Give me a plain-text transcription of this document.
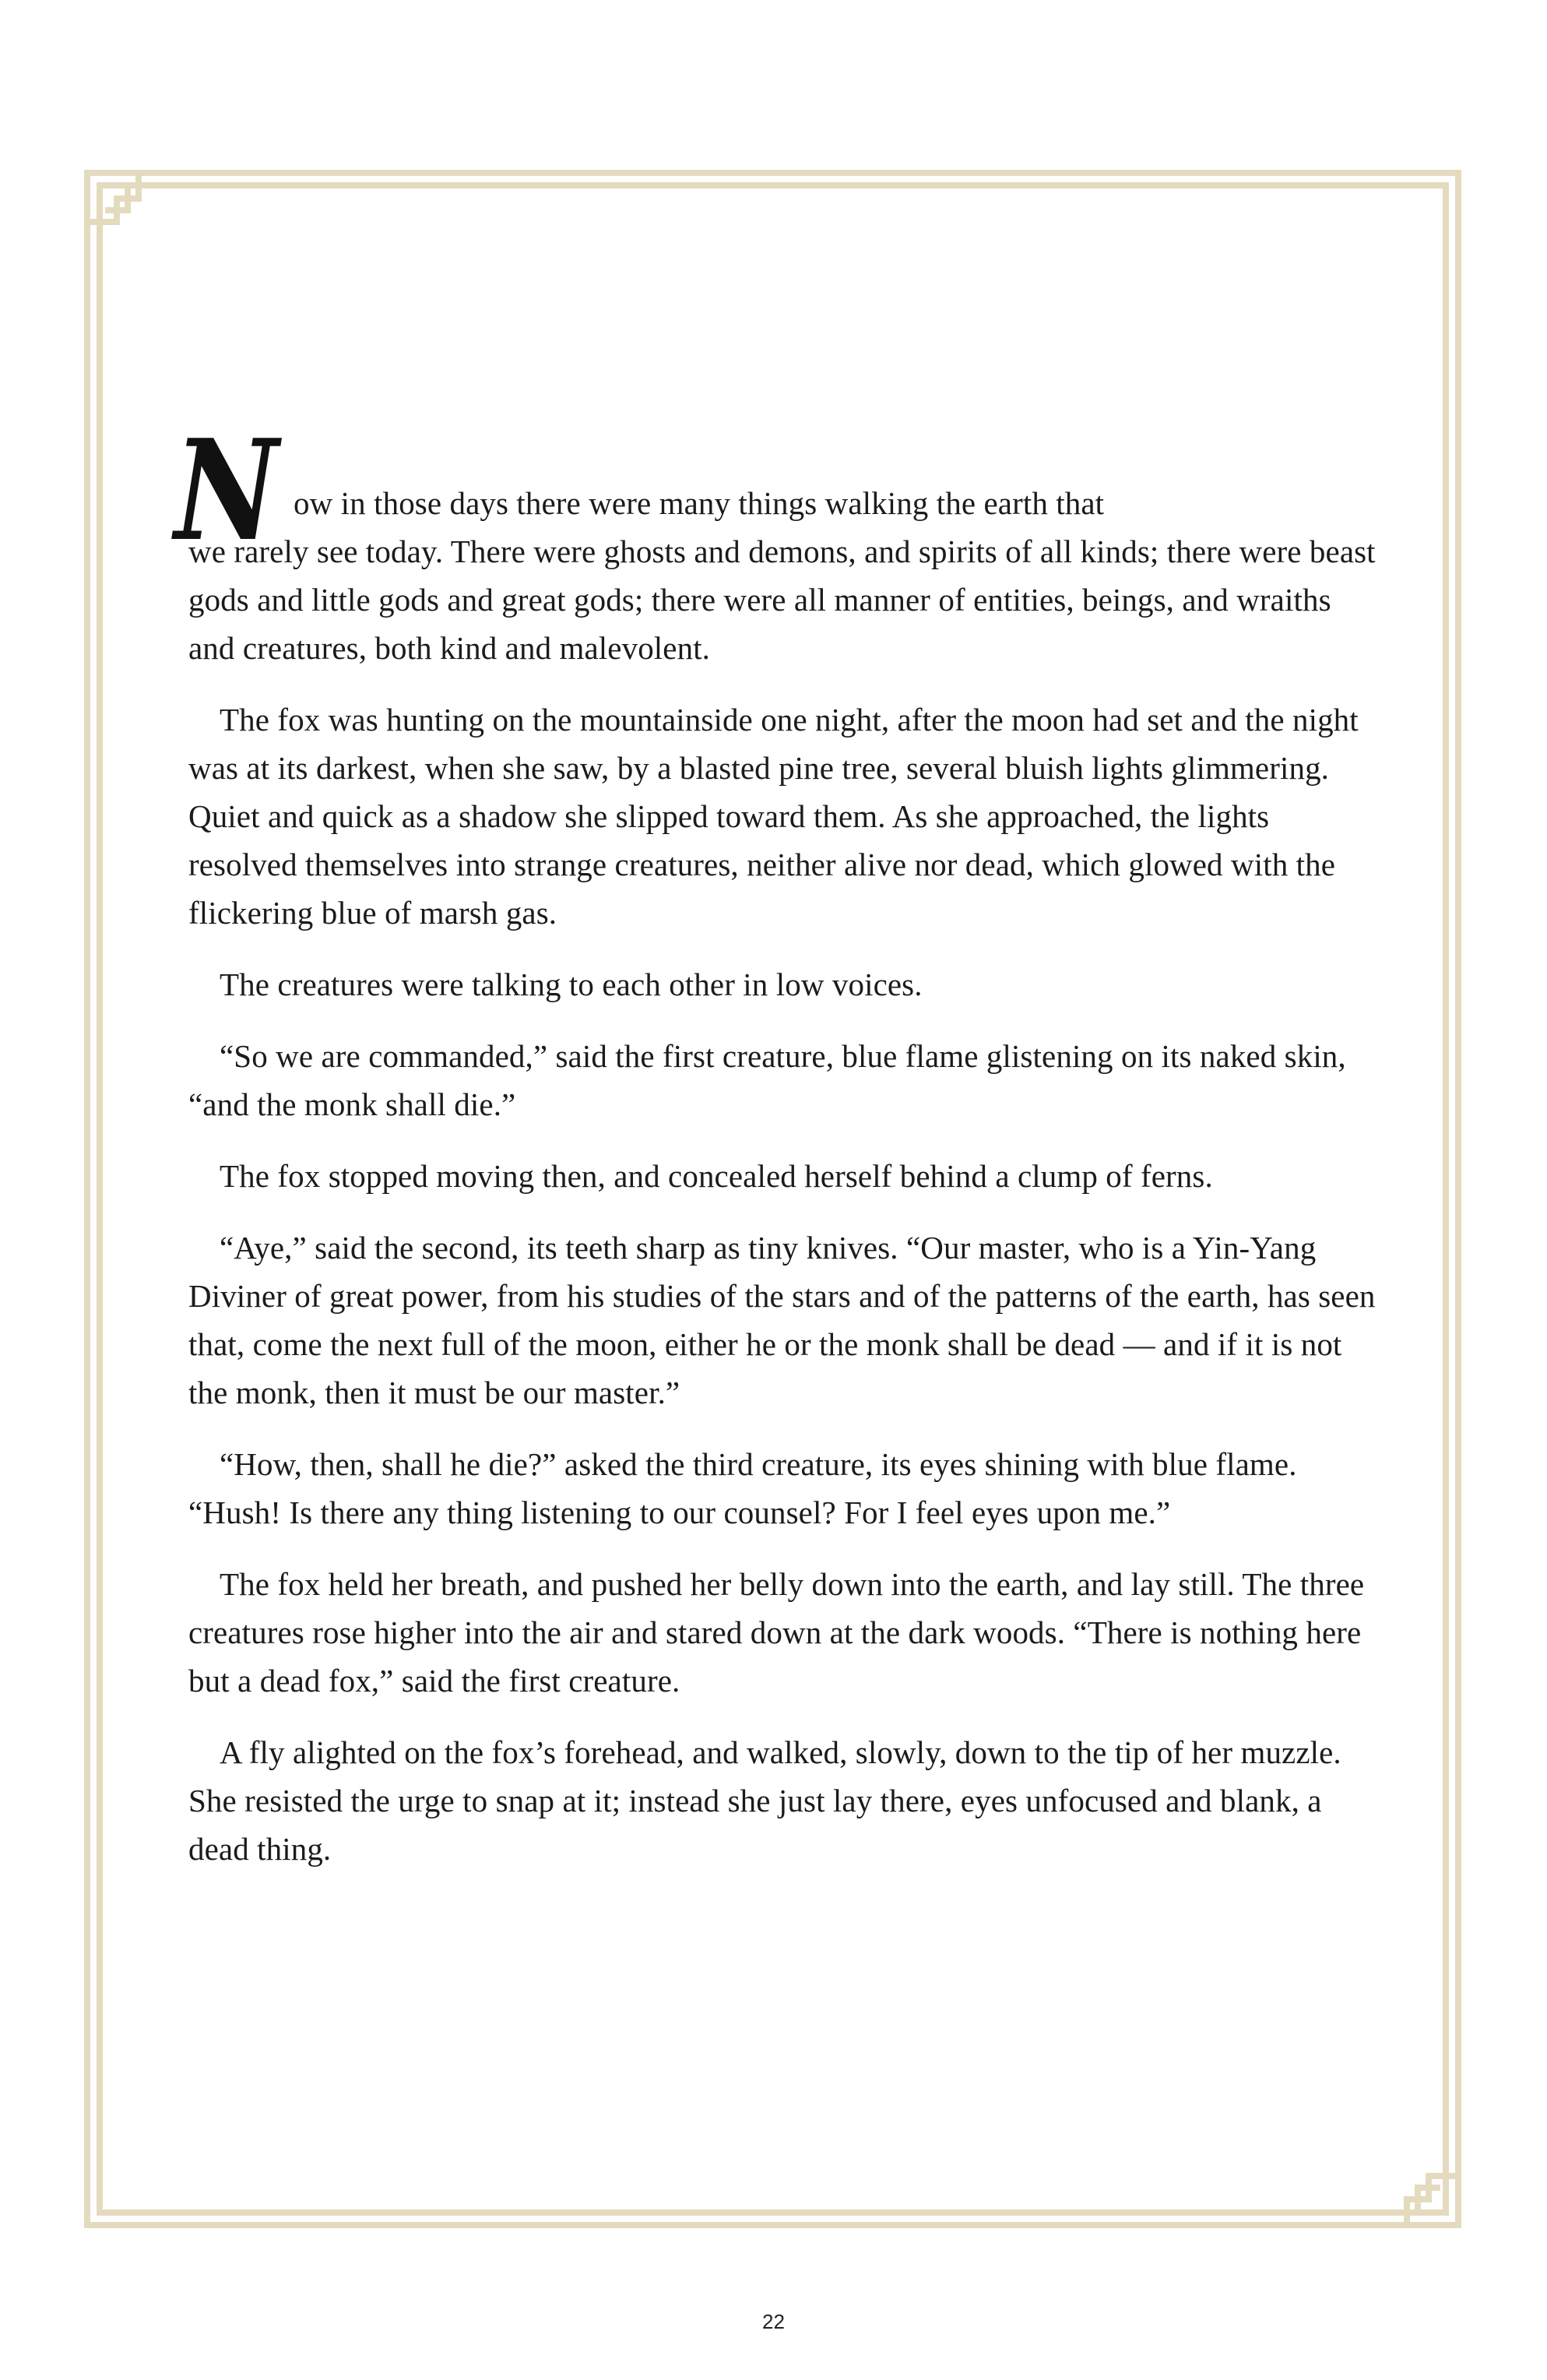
N ow in those days there were many things walking the earth that
we rarely see today. There were ghosts and demons, and spirits of all kinds; there were beast gods and little gods and great gods; there were all manner of entities, beings, and wraiths and creatures, both kind and malevolent.

The fox was hunting on the mountainside one night, after the moon had set and the night was at its darkest, when she saw, by a blasted pine tree, several bluish lights glimmering. Quiet and quick as a shadow she slipped toward them. As she approached, the lights resolved themselves into strange creatures, neither alive nor dead, which glowed with the flickering blue of marsh gas.

The creatures were talking to each other in low voices.

“So we are commanded,” said the first creature, blue flame glistening on its naked skin, “and the monk shall die.”

The fox stopped moving then, and concealed herself behind a clump of ferns.

“Aye,” said the second, its teeth sharp as tiny knives. “Our master, who is a Yin-Yang Diviner of great power, from his studies of the stars and of the patterns of the earth, has seen that, come the next full of the moon, either he or the monk shall be dead — and if it is not the monk, then it must be our master.”

“How, then, shall he die?” asked the third creature, its eyes shining with blue flame. “Hush! Is there any thing listening to our counsel? For I feel eyes upon me.”

The fox held her breath, and pushed her belly down into the earth, and lay still. The three creatures rose higher into the air and stared down at the dark woods. “There is nothing here but a dead fox,” said the first creature.

A fly alighted on the fox’s forehead, and walked, slowly, down to the tip of her muzzle. She resisted the urge to snap at it; instead she just lay there, eyes unfocused and blank, a dead thing.

22
